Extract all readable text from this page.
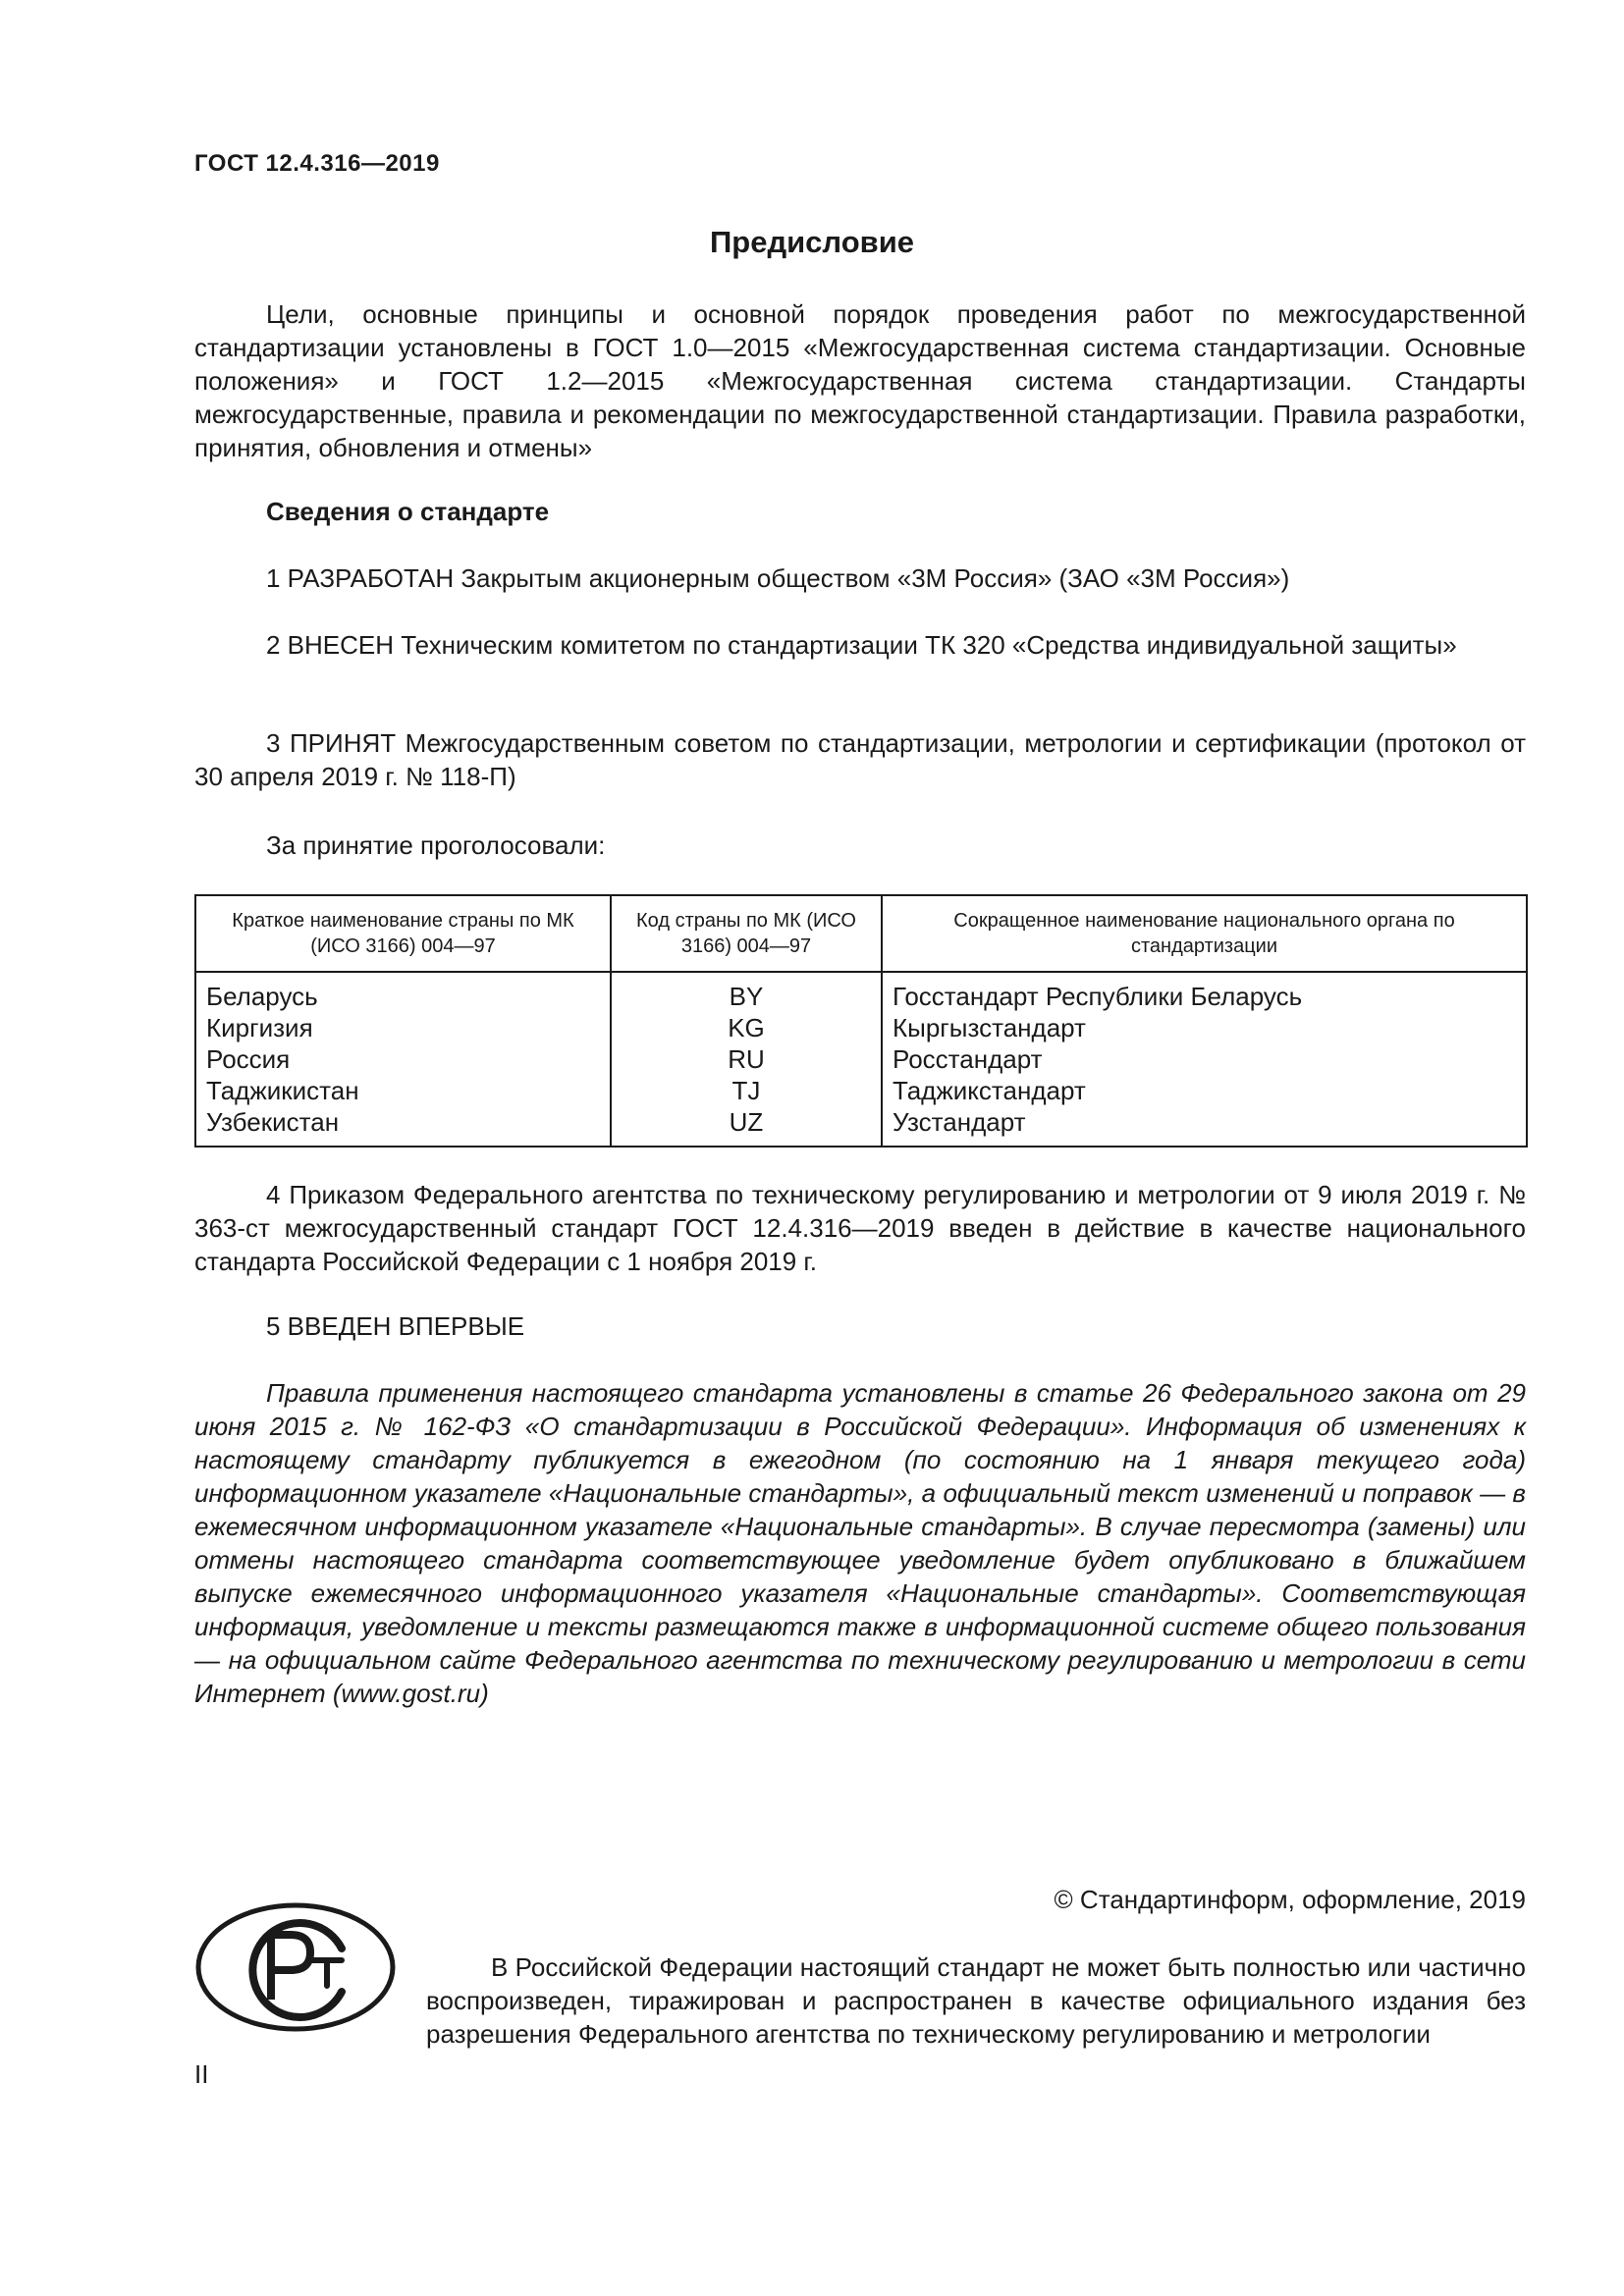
ГОСТ 12.4.316—2019
Предисловие
Цели, основные принципы и основной порядок проведения работ по межгосударственной стандартизации установлены в ГОСТ 1.0—2015 «Межгосударственная система стандартизации. Основные положения» и ГОСТ 1.2—2015 «Межгосударственная система стандартизации. Стандарты межгосударственные, правила и рекомендации по межгосударственной стандартизации. Правила разработки, принятия, обновления и отмены»
Сведения о стандарте
1 РАЗРАБОТАН Закрытым акционерным обществом «3М Россия» (ЗАО «3М Россия»)
2 ВНЕСЕН Техническим комитетом по стандартизации ТК 320 «Средства индивидуальной защиты»
3 ПРИНЯТ Межгосударственным советом по стандартизации, метрологии и сертификации (протокол от 30 апреля 2019 г. № 118-П)
За принятие проголосовали:
Краткое наименование страны по МК (ИСО 3166) 004—97	Код страны по МК (ИСО 3166) 004—97	Сокращенное наименование национального органа по стандартизации
Беларусь	BY	Госстандарт Республики Беларусь
Киргизия	KG	Кыргызстандарт
Россия	RU	Росстандарт
Таджикистан	TJ	Таджикстандарт
Узбекистан	UZ	Узстандарт
4 Приказом Федерального агентства по техническому регулированию и метрологии от 9 июля 2019 г. № 363-ст межгосударственный стандарт ГОСТ 12.4.316—2019 введен в действие в качестве национального стандарта Российской Федерации с 1 ноября 2019 г.
5 ВВЕДЕН ВПЕРВЫЕ
Правила применения настоящего стандарта установлены в статье 26 Федерального закона от 29 июня 2015 г. № 162-ФЗ «О стандартизации в Российской Федерации». Информация об изменениях к настоящему стандарту публикуется в ежегодном (по состоянию на 1 января текущего года) информационном указателе «Национальные стандарты», а официальный текст изменений и поправок — в ежемесячном информационном указателе «Национальные стандарты». В случае пересмотра (замены) или отмены настоящего стандарта соответствующее уведомление будет опубликовано в ближайшем выпуске ежемесячного информационного указателя «Национальные стандарты». Соответствующая информация, уведомление и тексты размещаются также в информационной системе общего пользования — на официальном сайте Федерального агентства по техническому регулированию и метрологии в сети Интернет (www.gost.ru)
© Стандартинформ, оформление, 2019
В Российской Федерации настоящий стандарт не может быть полностью или частично воспроизведен, тиражирован и распространен в качестве официального издания без разрешения Федерального агентства по техническому регулированию и метрологии
II
